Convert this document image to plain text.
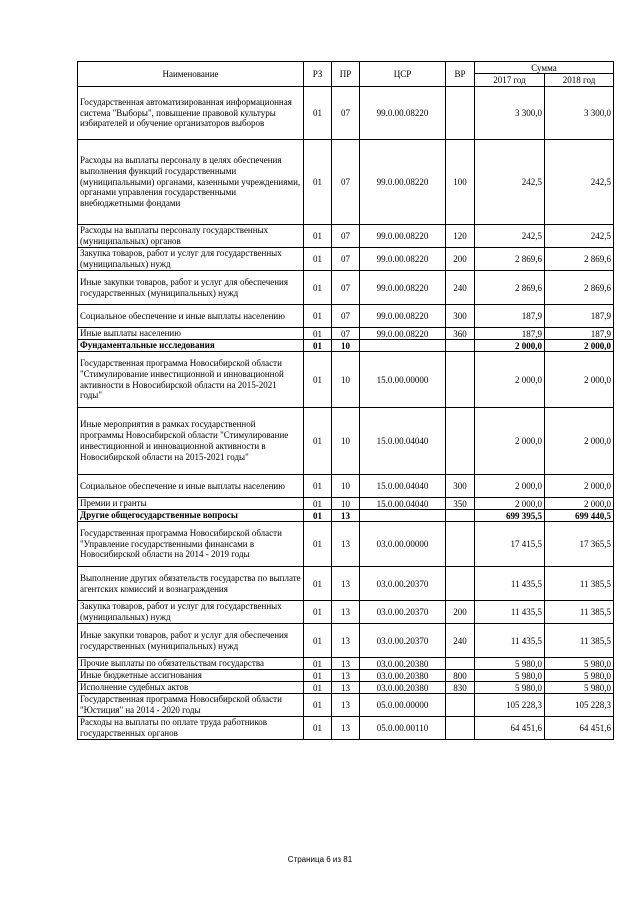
Наименование	РЗ	ПР	ЦСР	ВР	Сумма	
					2017 год	2018 год
Государственная автоматизированная информационная система "Выборы", повышение правовой культуры избирателей и обучение организаторов выборов	01	07	99.0.00.08220		3 300,0	3 300,0
Расходы на выплаты персоналу в целях обеспечения выполнения функций государственными (муниципальными) органами, казенными учреждениями, органами управления государственными внебюджетными фондами	01	07	99.0.00.08220	100	242,5	242,5
Расходы на выплаты персоналу государственных (муниципальных) органов	01	07	99.0.00.08220	120	242,5	242,5
Закупка товаров, работ и услуг для государственных (муниципальных) нужд	01	07	99.0.00.08220	200	2 869,6	2 869,6
Иные закупки товаров, работ и услуг для обеспечения государственных (муниципальных) нужд	01	07	99.0.00.08220	240	2 869,6	2 869,6
Социальное обеспечение и иные выплаты населению	01	07	99.0.00.08220	300	187,9	187,9
Иные выплаты населению	01	07	99.0.00.08220	360	187,9	187,9
Фундаментальные исследования	01	10			2 000,0	2 000,0
Государственная программа Новосибирской области "Стимулирование инвестиционной и инновационной активности в Новосибирской области на 2015-2021 годы"	01	10	15.0.00.00000		2 000,0	2 000,0
Иные мероприятия в рамках государственной программы Новосибирской области "Стимулирование инвестиционной и инновационной активности в Новосибирской области на 2015-2021 годы"	01	10	15.0.00.04040		2 000,0	2 000,0
Социальное обеспечение и иные выплаты населению	01	10	15.0.00.04040	300	2 000,0	2 000,0
Премии и гранты	01	10	15.0.00.04040	350	2 000,0	2 000,0
Другие общегосударственные вопросы	01	13			699 395,5	699 440,5
Государственная программа Новосибирской области "Управление государственными финансами в Новосибирской области на 2014 - 2019 годы	01	13	03.0.00.00000		17 415,5	17 365,5
Выполнение других обязательств государства по выплате агентских комиссий и вознаграждения	01	13	03.0.00.20370		11 435,5	11 385,5
Закупка товаров, работ и услуг для государственных (муниципальных) нужд	01	13	03.0.00.20370	200	11 435,5	11 385,5
Иные закупки товаров, работ и услуг для обеспечения государственных (муниципальных) нужд	01	13	03.0.00.20370	240	11 435,5	11 385,5
Прочие выплаты по обязательствам государства	01	13	03.0.00.20380		5 980,0	5 980,0
Иные бюджетные ассигнования	01	13	03.0.00.20380	800	5 980,0	5 980,0
Исполнение судебных актов	01	13	03.0.00.20380	830	5 980,0	5 980,0
Государственная программа Новосибирской области "Юстиция" на 2014 - 2020 годы	01	13	05.0.00.00000		105 228,3	105 228,3
Расходы на выплаты по оплате труда работников государственных органов	01	13	05.0.00.00110		64 451,6	64 451,6
Страница 6 из 81
